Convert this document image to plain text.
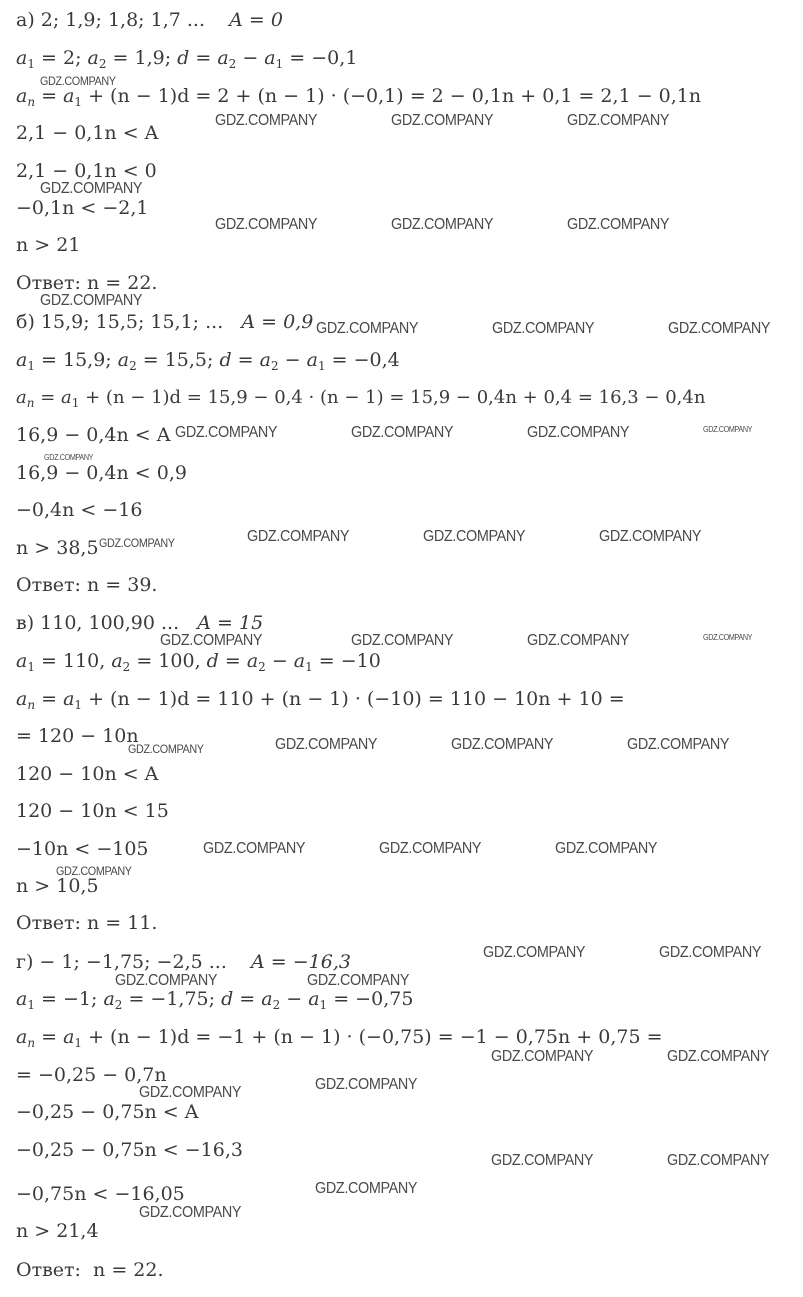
а) 2; 1,9; 1,8; 1,7 ... A = 0
$a_1 = 2$; $a_2 = 1,9$; $d = a_2 - a_1 = -0,1$
$a_n = a_1 + (n - 1)d = 2 + (n - 1) \cdot (-0,1) = 2 - 0,1n + 0,1 = 2,1 - 0,1n$
2,1 − 0,1n < A
2,1 − 0,1n < 0
−0,1n < −2,1
n > 21
Ответ: n = 22.
б) 15,9; 15,5; 15,1; ... A = 0,9
$a_1 = 15,9$; $a_2 = 15,5$; $d = a_2 - a_1 = -0,4$
$a_n = a_1 + (n - 1)d = 15,9 - 0,4 \cdot (n - 1) = 15,9 - 0,4n + 0,4 = 16,3 - 0,4n$
16,9 − 0,4n < A
16,9 − 0,4n < 0,9
−0,4n < −16
n > 38,5
Ответ: n = 39.
в) 110, 100,90 ... A = 15
$a_1 = 110$, $a_2 = 100$, $d = a_2 - a_1 = -10$
$a_n = a_1 + (n - 1)d = 110 + (n - 1) \cdot (-10) = 110 - 10n + 10$ =
= 120 − 10n
120 − 10n < A
120 − 10n < 15
−10n < −105
n > 10,5
Ответ: n = 11.
г) − 1; −1,75; −2,5 ... A = −16,3
$a_1 = -1$; $a_2 = -1,75$; $d = a_2 - a_1 = -0,75$
$a_n = a_1 + (n - 1)d = -1 + (n - 1) \cdot (-0,75) = -1 - 0,75n + 0,75$ =
= −0,25 − 0,7n
−0,25 − 0,75n < A
−0,25 − 0,75n < −16,3
−0,75n < −16,05
n > 21,4
Ответ: n = 22.
GDZ.COMPANY
GDZ.COMPANY	GDZ.COMPANY	GDZ.COMPANY
GDZ.COMPANY
GDZ.COMPANY	GDZ.COMPANY	GDZ.COMPANY
GDZ.COMPANY
GDZ.COMPANY	GDZ.COMPANY	GDZ.COMPANY
GDZ.COMPANY	GDZ.COMPANY	GDZ.COMPANY	GDZ.COMPANY
GDZ.COMPANY
GDZ.COMPANY	GDZ.COMPANY	GDZ.COMPANY	GDZ.COMPANY
GDZ.COMPANY	GDZ.COMPANY	GDZ.COMPANY	GDZ.COMPANY
GDZ.COMPANY	GDZ.COMPANY	GDZ.COMPANY	GDZ.COMPANY
GDZ.COMPANY	GDZ.COMPANY	GDZ.COMPANY
GDZ.COMPANY
GDZ.COMPANY	GDZ.COMPANY
GDZ.COMPANY	GDZ.COMPANY
GDZ.COMPANY	GDZ.COMPANY
GDZ.COMPANY
GDZ.COMPANY
GDZ.COMPANY	GDZ.COMPANY
GDZ.COMPANY
GDZ.COMPANY
